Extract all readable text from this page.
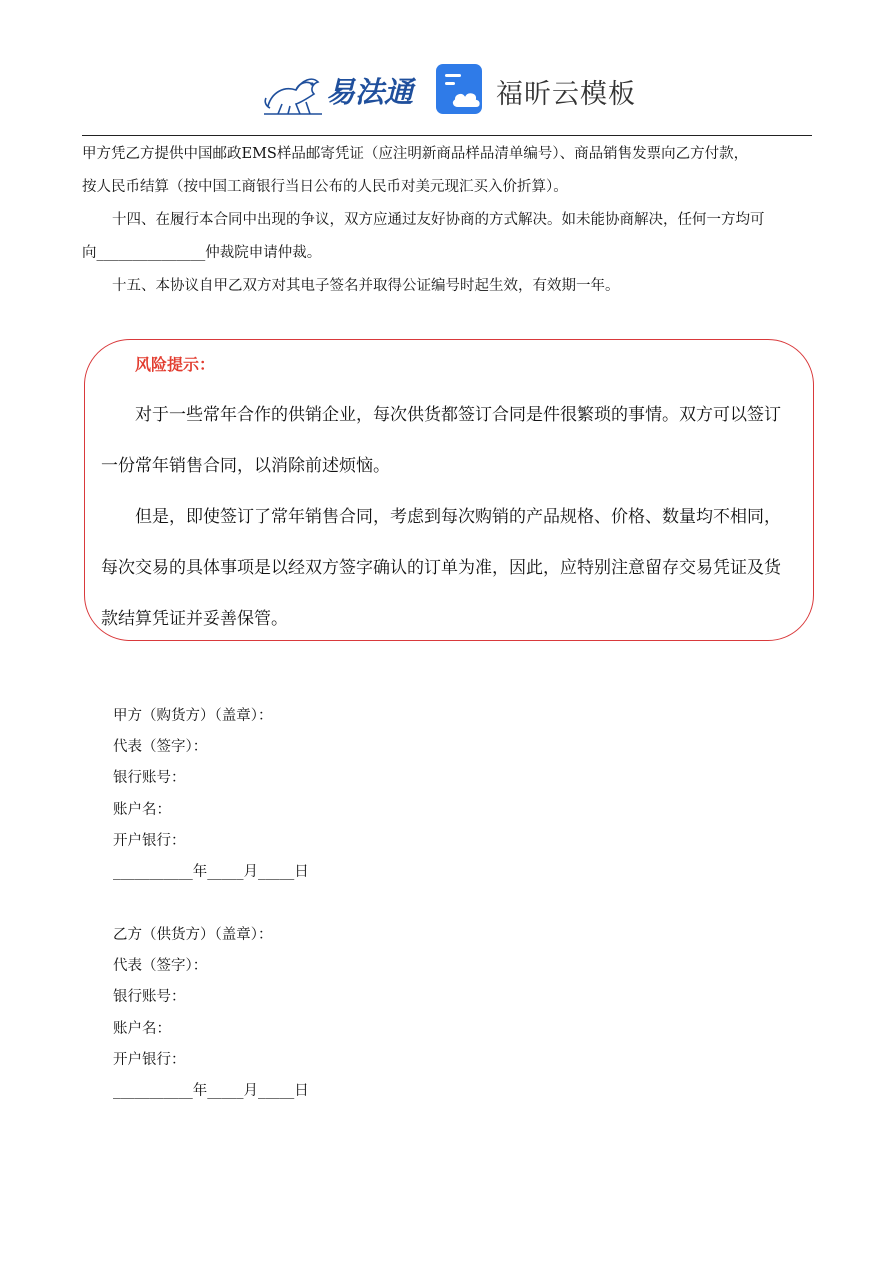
易法通	福昕云模板

甲方凭乙方提供中国邮政EMS样品邮寄凭证（应注明新商品样品清单编号）、商品销售发票向乙方付款，

按人民币结算（按中国工商银行当日公布的人民币对美元现汇买入价折算）。

十四、在履行本合同中出现的争议，双方应通过友好协商的方式解决。如未能协商解决，任何一方均可

向_______________仲裁院申请仲裁。

十五、本协议自甲乙双方对其电子签名并取得公证编号时起生效，有效期一年。

风险提示：

对于一些常年合作的供销企业，每次供货都签订合同是件很繁琐的事情。双方可以签订

一份常年销售合同，以消除前述烦恼。

但是，即使签订了常年销售合同，考虑到每次购销的产品规格、价格、数量均不相同，

每次交易的具体事项是以经双方签字确认的订单为准，因此，应特别注意留存交易凭证及货

款结算凭证并妥善保管。

甲方（购货方）（盖章）：
代表（签字）：
银行账号：
账户名：
开户银行：
___________年_____月_____日
乙方（供货方）（盖章）：
代表（签字）：
银行账号：
账户名：
开户银行：
___________年_____月_____日
